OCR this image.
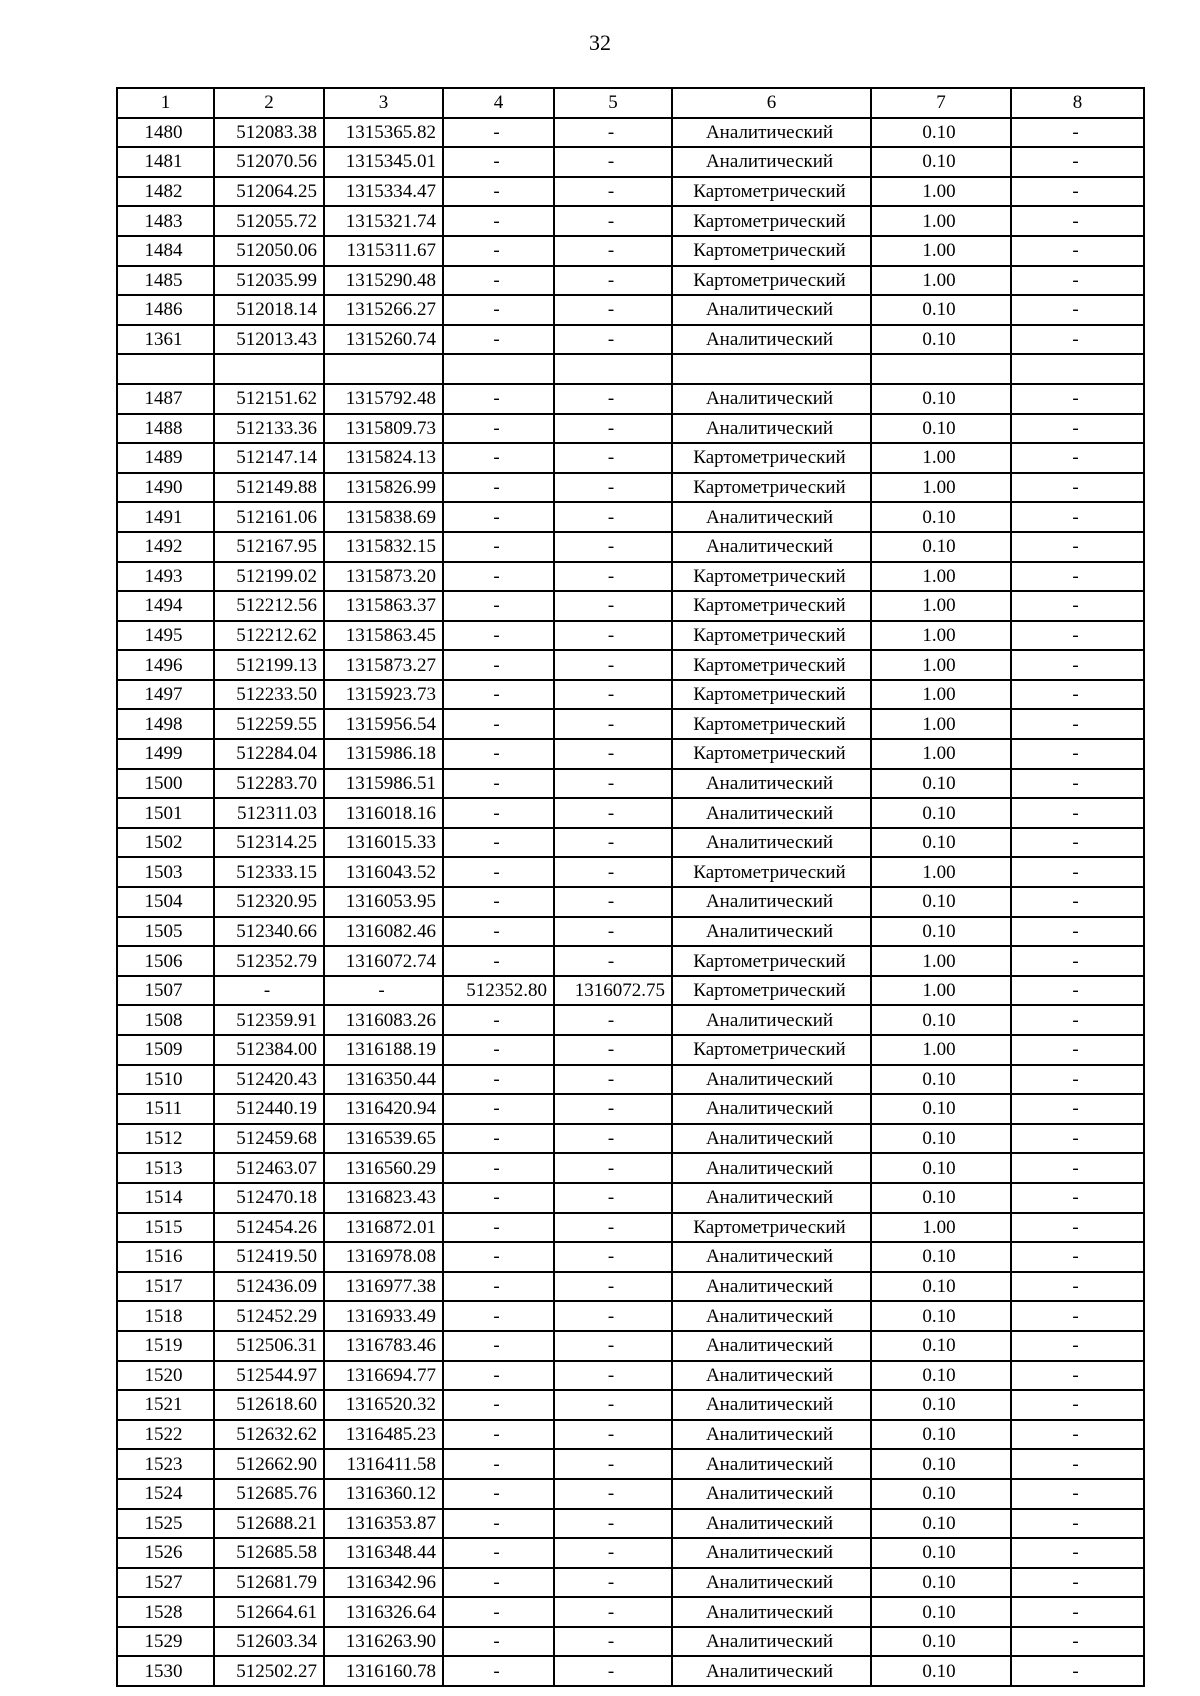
32
1	2	3	4	5	6	7	8
1480	512083.38	1315365.82	-	-	Аналитический	0.10	-
1481	512070.56	1315345.01	-	-	Аналитический	0.10	-
1482	512064.25	1315334.47	-	-	Картометрический	1.00	-
1483	512055.72	1315321.74	-	-	Картометрический	1.00	-
1484	512050.06	1315311.67	-	-	Картометрический	1.00	-
1485	512035.99	1315290.48	-	-	Картометрический	1.00	-
1486	512018.14	1315266.27	-	-	Аналитический	0.10	-
1361	512013.43	1315260.74	-	-	Аналитический	0.10	-

1487	512151.62	1315792.48	-	-	Аналитический	0.10	-
1488	512133.36	1315809.73	-	-	Аналитический	0.10	-
1489	512147.14	1315824.13	-	-	Картометрический	1.00	-
1490	512149.88	1315826.99	-	-	Картометрический	1.00	-
1491	512161.06	1315838.69	-	-	Аналитический	0.10	-
1492	512167.95	1315832.15	-	-	Аналитический	0.10	-
1493	512199.02	1315873.20	-	-	Картометрический	1.00	-
1494	512212.56	1315863.37	-	-	Картометрический	1.00	-
1495	512212.62	1315863.45	-	-	Картометрический	1.00	-
1496	512199.13	1315873.27	-	-	Картометрический	1.00	-
1497	512233.50	1315923.73	-	-	Картометрический	1.00	-
1498	512259.55	1315956.54	-	-	Картометрический	1.00	-
1499	512284.04	1315986.18	-	-	Картометрический	1.00	-
1500	512283.70	1315986.51	-	-	Аналитический	0.10	-
1501	512311.03	1316018.16	-	-	Аналитический	0.10	-
1502	512314.25	1316015.33	-	-	Аналитический	0.10	-
1503	512333.15	1316043.52	-	-	Картометрический	1.00	-
1504	512320.95	1316053.95	-	-	Аналитический	0.10	-
1505	512340.66	1316082.46	-	-	Аналитический	0.10	-
1506	512352.79	1316072.74	-	-	Картометрический	1.00	-
1507	-	-	512352.80	1316072.75	Картометрический	1.00	-
1508	512359.91	1316083.26	-	-	Аналитический	0.10	-
1509	512384.00	1316188.19	-	-	Картометрический	1.00	-
1510	512420.43	1316350.44	-	-	Аналитический	0.10	-
1511	512440.19	1316420.94	-	-	Аналитический	0.10	-
1512	512459.68	1316539.65	-	-	Аналитический	0.10	-
1513	512463.07	1316560.29	-	-	Аналитический	0.10	-
1514	512470.18	1316823.43	-	-	Аналитический	0.10	-
1515	512454.26	1316872.01	-	-	Картометрический	1.00	-
1516	512419.50	1316978.08	-	-	Аналитический	0.10	-
1517	512436.09	1316977.38	-	-	Аналитический	0.10	-
1518	512452.29	1316933.49	-	-	Аналитический	0.10	-
1519	512506.31	1316783.46	-	-	Аналитический	0.10	-
1520	512544.97	1316694.77	-	-	Аналитический	0.10	-
1521	512618.60	1316520.32	-	-	Аналитический	0.10	-
1522	512632.62	1316485.23	-	-	Аналитический	0.10	-
1523	512662.90	1316411.58	-	-	Аналитический	0.10	-
1524	512685.76	1316360.12	-	-	Аналитический	0.10	-
1525	512688.21	1316353.87	-	-	Аналитический	0.10	-
1526	512685.58	1316348.44	-	-	Аналитический	0.10	-
1527	512681.79	1316342.96	-	-	Аналитический	0.10	-
1528	512664.61	1316326.64	-	-	Аналитический	0.10	-
1529	512603.34	1316263.90	-	-	Аналитический	0.10	-
1530	512502.27	1316160.78	-	-	Аналитический	0.10	-
